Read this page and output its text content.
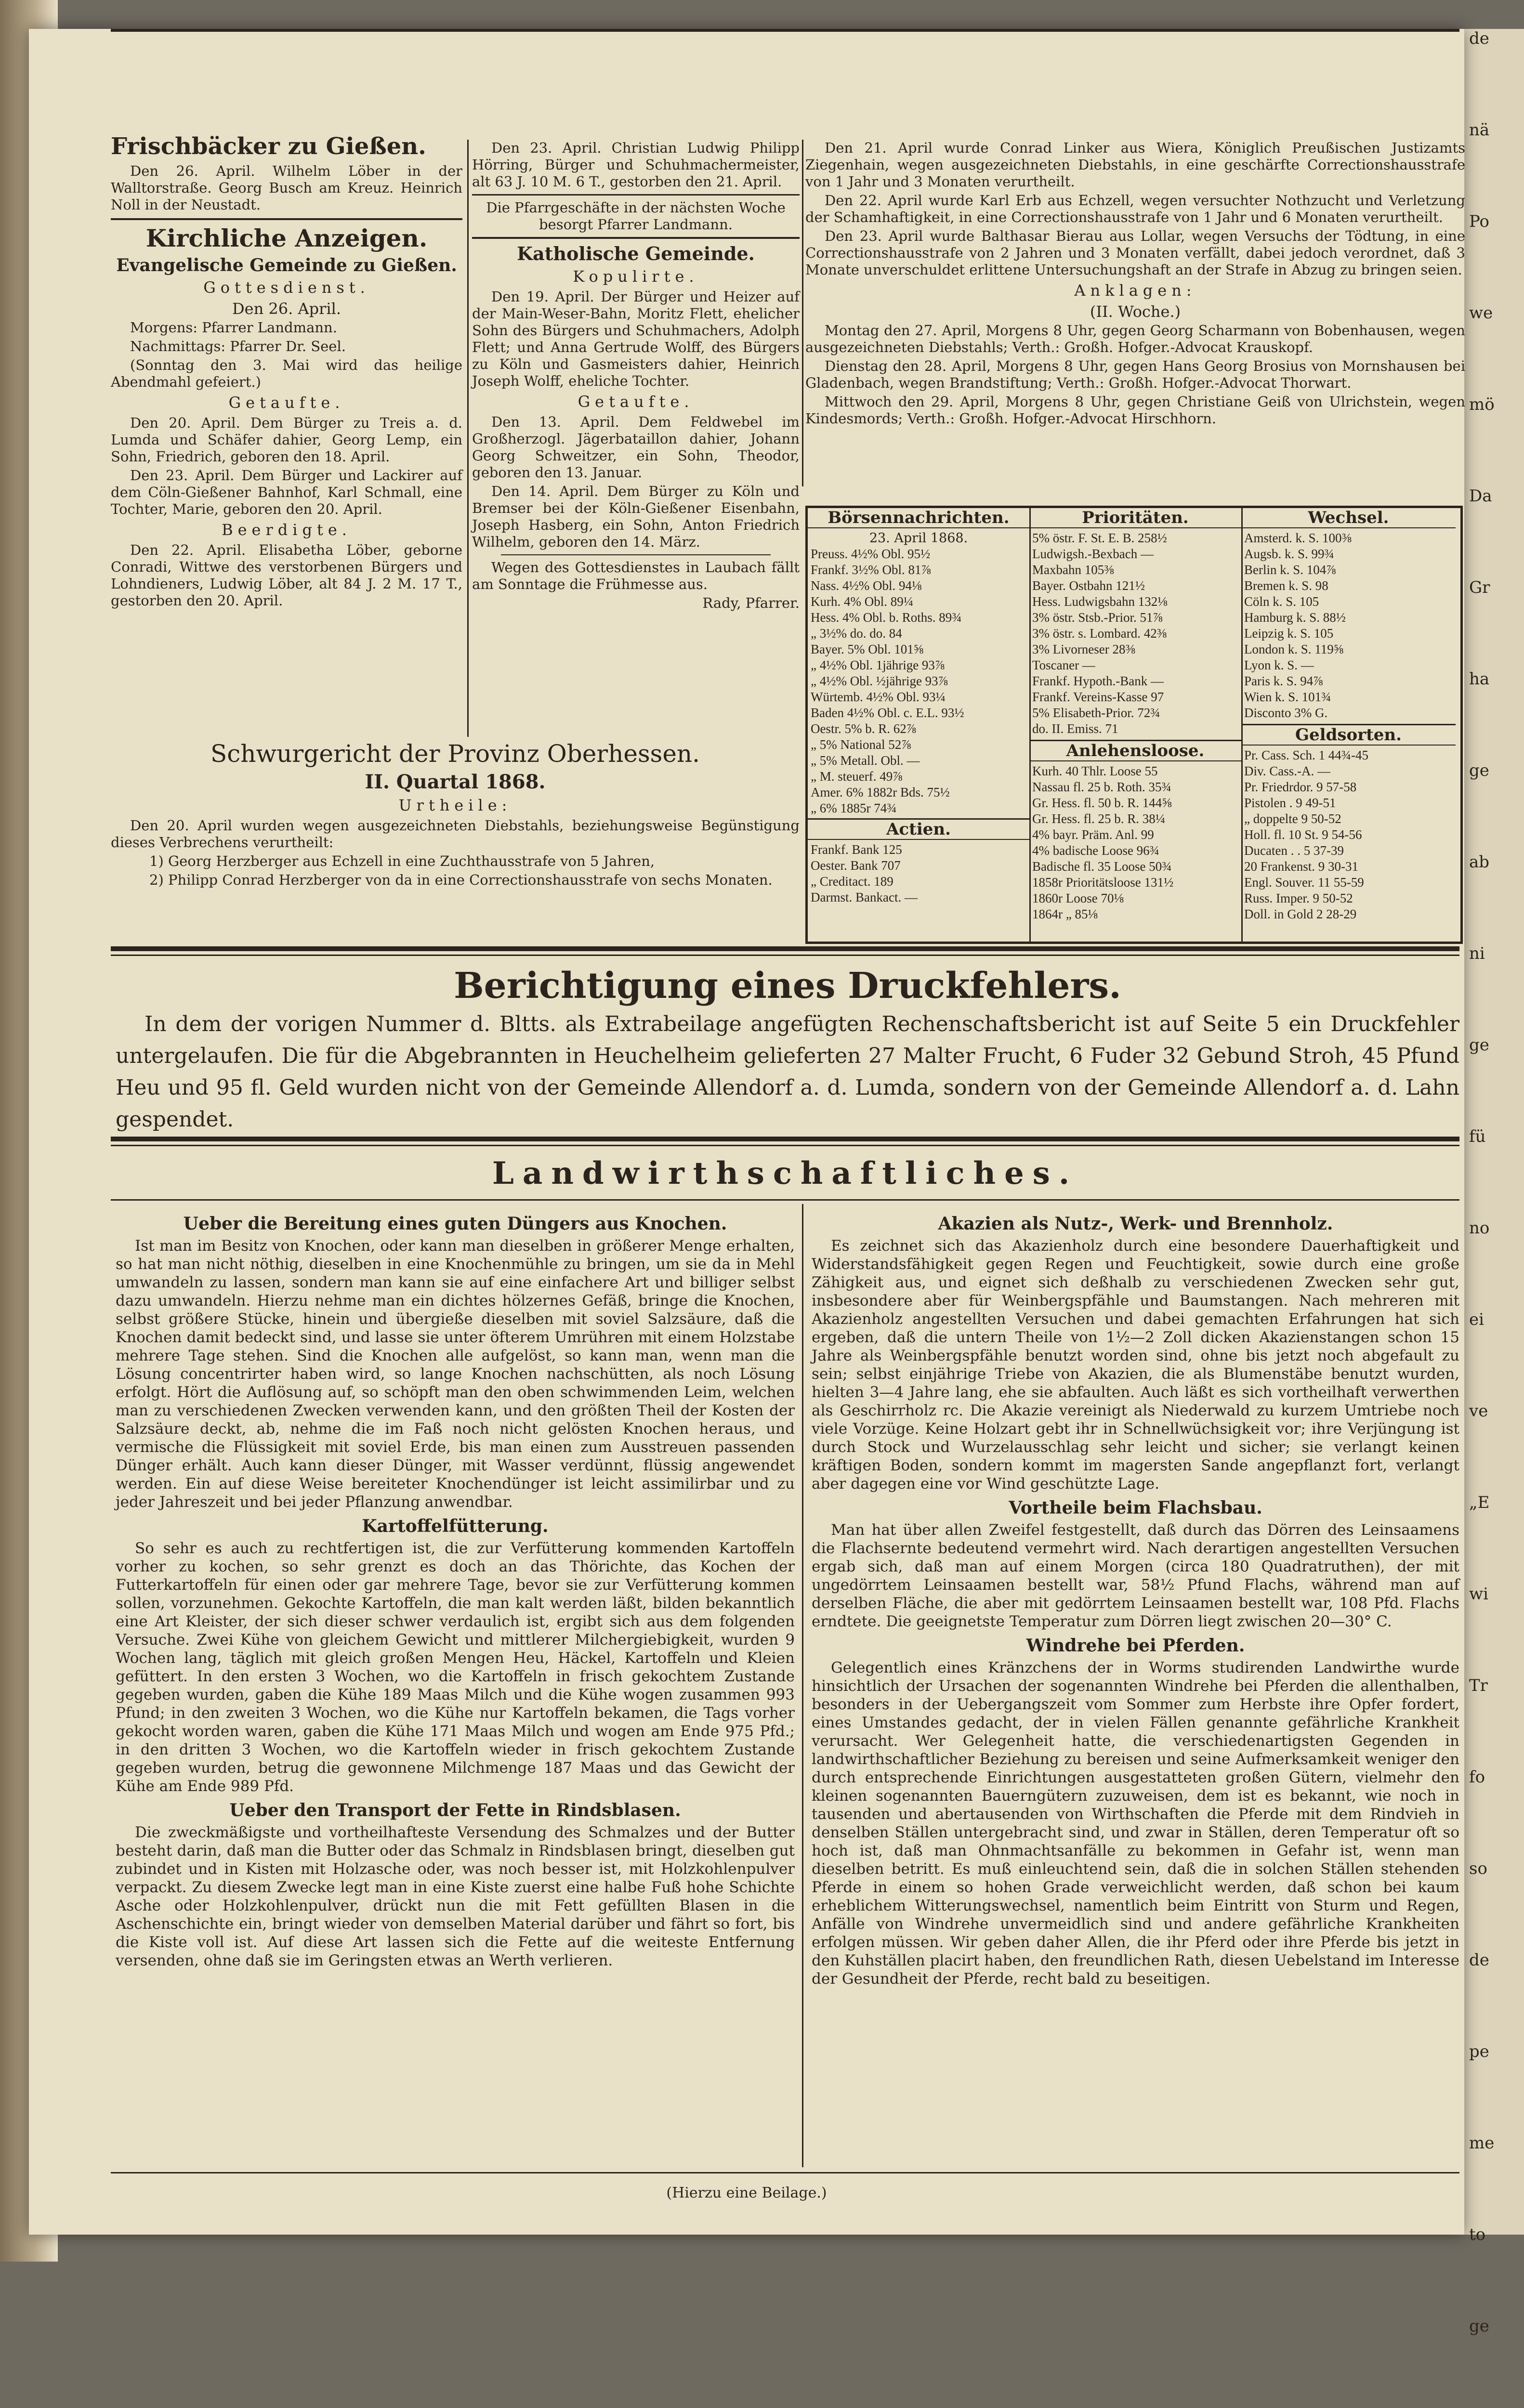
de
nä
Po
we
mö
Da
Gr
ha
ge
ab
ni
ge
fü
no
ei
ve
„E
wi
Tr
fo
so
de
pe
me
to
ge
Frischbäcker zu Gießen.

Den 26. April. Wilhelm Löber in der Walltorstraße. Georg Busch am Kreuz. Heinrich Noll in der Neustadt.

Kirchliche Anzeigen.
Evangelische Gemeinde zu Gießen.
Gottesdienst.
Den 26. April.

Morgens: Pfarrer Landmann.

Nachmittags: Pfarrer Dr. Seel.

(Sonntag den 3. Mai wird das heilige Abendmahl gefeiert.)

Getaufte.

Den 20. April. Dem Bürger zu Treis a. d. Lumda und Schäfer dahier, Georg Lemp, ein Sohn, Friedrich, geboren den 18. April.

Den 23. April. Dem Bürger und Lackirer auf dem Cöln-Gießener Bahnhof, Karl Schmall, eine Tochter, Marie, geboren den 20. April.

Beerdigte.

Den 22. April. Elisabetha Löber, geborne Conradi, Wittwe des verstorbenen Bürgers und Lohndieners, Ludwig Löber, alt 84 J. 2 M. 17 T., gestorben den 20. April.

Den 23. April. Christian Ludwig Philipp Hörring, Bürger und Schuhmachermeister, alt 63 J. 10 M. 6 T., gestorben den 21. April.

Die Pfarrgeschäfte in der nächsten Woche besorgt Pfarrer Landmann.

Katholische Gemeinde.
Kopulirte.

Den 19. April. Der Bürger und Heizer auf der Main-Weser-Bahn, Moritz Flett, ehelicher Sohn des Bürgers und Schuhmachers, Adolph Flett; und Anna Gertrude Wolff, des Bürgers zu Köln und Gasmeisters dahier, Heinrich Joseph Wolff, eheliche Tochter.

Getaufte.

Den 13. April. Dem Feldwebel im Großherzogl. Jägerbataillon dahier, Johann Georg Schweitzer, ein Sohn, Theodor, geboren den 13. Januar.

Den 14. April. Dem Bürger zu Köln und Bremser bei der Köln-Gießener Eisenbahn, Joseph Hasberg, ein Sohn, Anton Friedrich Wilhelm, geboren den 14. März.

Wegen des Gottesdienstes in Laubach fällt am Sonntage die Frühmesse aus.

Rady, Pfarrer.

Den 21. April wurde Conrad Linker aus Wiera, Königlich Preußischen Justizamts Ziegenhain, wegen ausgezeichneten Diebstahls, in eine geschärfte Correctionshausstrafe von 1 Jahr und 3 Monaten verurtheilt.

Den 22. April wurde Karl Erb aus Echzell, wegen versuchter Nothzucht und Verletzung der Schamhaftigkeit, in eine Correctionshausstrafe von 1 Jahr und 6 Monaten verurtheilt.

Den 23. April wurde Balthasar Bierau aus Lollar, wegen Versuchs der Tödtung, in eine Correctionshausstrafe von 2 Jahren und 3 Monaten verfällt, dabei jedoch verordnet, daß 3 Monate unverschuldet erlittene Untersuchungshaft an der Strafe in Abzug zu bringen seien.

Anklagen:
(II. Woche.)

Montag den 27. April, Morgens 8 Uhr, gegen Georg Scharmann von Bobenhausen, wegen ausgezeichneten Diebstahls; Verth.: Großh. Hofger.-Advocat Krauskopf.

Dienstag den 28. April, Morgens 8 Uhr, gegen Hans Georg Brosius von Mornshausen bei Gladenbach, wegen Brandstiftung; Verth.: Großh. Hofger.-Advocat Thorwart.

Mittwoch den 29. April, Morgens 8 Uhr, gegen Christiane Geiß von Ulrichstein, wegen Kindesmords; Verth.: Großh. Hofger.-Advocat Hirschhorn.

Schwurgericht der Provinz Oberhessen.
II. Quartal 1868.
Urtheile:

Den 20. April wurden wegen ausgezeichneten Diebstahls, beziehungsweise Begünstigung dieses Verbrechens verurtheilt:

1) Georg Herzberger aus Echzell in eine Zuchthausstrafe von 5 Jahren,

2) Philipp Conrad Herzberger von da in eine Correctionshausstrafe von sechs Monaten.

Börsennachrichten.
23. April 1868.
Preuss. 4½% Obl. 95½
Frankf. 3½% Obl. 81⅞
Nass. 4½% Obl. 94⅛
Kurh. 4% Obl. 89¼
Hess. 4% Obl. b. Roths. 89¾
„ 3½% do. do. 84
Bayer. 5% Obl. 101⅝
„ 4½% Obl. 1jährige 93⅞
„ 4½% Obl. ½jährige 93⅞
Würtemb. 4½% Obl. 93¼
Baden 4½% Obl. c. E.L. 93½
Oestr. 5% b. R. 62⅞
„ 5% National 52⅞
„ 5% Metall. Obl. —
„ M. steuerf. 49⅞
Amer. 6% 1882r Bds. 75½
„ 6% 1885r 74¾
Actien.
Frankf. Bank 125
Oester. Bank 707
„ Creditact. 189
Darmst. Bankact. —
Prioritäten.
5% östr. F. St. E. B. 258½
Ludwigsh.-Bexbach —
Maxbahn 105⅜
Bayer. Ostbahn 121½
Hess. Ludwigsbahn 132⅛
3% östr. Stsb.-Prior. 51⅞
3% östr. s. Lombard. 42⅜
3% Livorneser 28⅜
Toscaner —
Frankf. Hypoth.-Bank —
Frankf. Vereins-Kasse 97
5% Elisabeth-Prior. 72¾
do. II. Emiss. 71
Anlehensloose.
Kurh. 40 Thlr. Loose 55
Nassau fl. 25 b. Roth. 35¾
Gr. Hess. fl. 50 b. R. 144⅝
Gr. Hess. fl. 25 b. R. 38¼
4% bayr. Präm. Anl. 99
4% badische Loose 96¾
Badische fl. 35 Loose 50¾
1858r Prioritätsloose 131½
1860r Loose 70⅛
1864r „ 85⅛
Wechsel.
Amsterd. k. S. 100⅜
Augsb. k. S. 99¾
Berlin k. S. 104⅞
Bremen k. S. 98
Cöln k. S. 105
Hamburg k. S. 88½
Leipzig k. S. 105
London k. S. 119⅝
Lyon k. S. —
Paris k. S. 94⅞
Wien k. S. 101¾
Disconto 3% G.
Geldsorten.
Pr. Cass. Sch. 1 44¾-45
Div. Cass.-A. —
Pr. Friedrdor. 9 57-58
Pistolen . 9 49-51
„ doppelte 9 50-52
Holl. fl. 10 St. 9 54-56
Ducaten . . 5 37-39
20 Frankenst. 9 30-31
Engl. Souver. 11 55-59
Russ. Imper. 9 50-52
Doll. in Gold 2 28-29
Berichtigung eines Druckfehlers.

In dem der vorigen Nummer d. Bltts. als Extrabeilage angefügten Rechenschaftsbericht ist auf Seite 5 ein Druckfehler untergelaufen. Die für die Abgebrannten in Heuchelheim gelieferten 27 Malter Frucht, 6 Fuder 32 Gebund Stroh, 45 Pfund Heu und 95 fl. Geld wurden nicht von der Gemeinde Allendorf a. d. Lumda, sondern von der Gemeinde Allendorf a. d. Lahn gespendet.

Landwirthschaftliches.
Ueber die Bereitung eines guten Düngers aus Knochen.

Ist man im Besitz von Knochen, oder kann man dieselben in größerer Menge erhalten, so hat man nicht nöthig, dieselben in eine Knochenmühle zu bringen, um sie da in Mehl umwandeln zu lassen, sondern man kann sie auf eine einfachere Art und billiger selbst dazu umwandeln. Hierzu nehme man ein dichtes hölzernes Gefäß, bringe die Knochen, selbst größere Stücke, hinein und übergieße dieselben mit soviel Salzsäure, daß die Knochen damit bedeckt sind, und lasse sie unter öfterem Umrühren mit einem Holzstabe mehrere Tage stehen. Sind die Knochen alle aufgelöst, so kann man, wenn man die Lösung concentrirter haben wird, so lange Knochen nachschütten, als noch Lösung erfolgt. Hört die Auflösung auf, so schöpft man den oben schwimmenden Leim, welchen man zu verschiedenen Zwecken verwenden kann, und den größten Theil der Kosten der Salzsäure deckt, ab, nehme die im Faß noch nicht gelösten Knochen heraus, und vermische die Flüssigkeit mit soviel Erde, bis man einen zum Ausstreuen passenden Dünger erhält. Auch kann dieser Dünger, mit Wasser verdünnt, flüssig angewendet werden. Ein auf diese Weise bereiteter Knochendünger ist leicht assimilirbar und zu jeder Jahreszeit und bei jeder Pflanzung anwendbar.

Kartoffelfütterung.

So sehr es auch zu rechtfertigen ist, die zur Verfütterung kommenden Kartoffeln vorher zu kochen, so sehr grenzt es doch an das Thörichte, das Kochen der Futterkartoffeln für einen oder gar mehrere Tage, bevor sie zur Verfütterung kommen sollen, vorzunehmen. Gekochte Kartoffeln, die man kalt werden läßt, bilden bekanntlich eine Art Kleister, der sich dieser schwer verdaulich ist, ergibt sich aus dem folgenden Versuche. Zwei Kühe von gleichem Gewicht und mittlerer Milchergiebigkeit, wurden 9 Wochen lang, täglich mit gleich großen Mengen Heu, Häckel, Kartoffeln und Kleien gefüttert. In den ersten 3 Wochen, wo die Kartoffeln in frisch gekochtem Zustande gegeben wurden, gaben die Kühe 189 Maas Milch und die Kühe wogen zusammen 993 Pfund; in den zweiten 3 Wochen, wo die Kühe nur Kartoffeln bekamen, die Tags vorher gekocht worden waren, gaben die Kühe 171 Maas Milch und wogen am Ende 975 Pfd.; in den dritten 3 Wochen, wo die Kartoffeln wieder in frisch gekochtem Zustande gegeben wurden, betrug die gewonnene Milchmenge 187 Maas und das Gewicht der Kühe am Ende 989 Pfd.

Ueber den Transport der Fette in Rindsblasen.

Die zweckmäßigste und vortheilhafteste Versendung des Schmalzes und der Butter besteht darin, daß man die Butter oder das Schmalz in Rindsblasen bringt, dieselben gut zubindet und in Kisten mit Holzasche oder, was noch besser ist, mit Holzkohlenpulver verpackt. Zu diesem Zwecke legt man in eine Kiste zuerst eine halbe Fuß hohe Schichte Asche oder Holzkohlenpulver, drückt nun die mit Fett gefüllten Blasen in die Aschenschichte ein, bringt wieder von demselben Material darüber und fährt so fort, bis die Kiste voll ist. Auf diese Art lassen sich die Fette auf die weiteste Entfernung versenden, ohne daß sie im Geringsten etwas an Werth verlieren.

Akazien als Nutz-, Werk- und Brennholz.

Es zeichnet sich das Akazienholz durch eine besondere Dauerhaftigkeit und Widerstandsfähigkeit gegen Regen und Feuchtigkeit, sowie durch eine große Zähigkeit aus, und eignet sich deßhalb zu verschiedenen Zwecken sehr gut, insbesondere aber für Weinbergspfähle und Baumstangen. Nach mehreren mit Akazienholz angestellten Versuchen und dabei gemachten Erfahrungen hat sich ergeben, daß die untern Theile von 1½—2 Zoll dicken Akazienstangen schon 15 Jahre als Weinbergspfähle benutzt worden sind, ohne bis jetzt noch abgefault zu sein; selbst einjährige Triebe von Akazien, die als Blumenstäbe benutzt wurden, hielten 3—4 Jahre lang, ehe sie abfaulten. Auch läßt es sich vortheilhaft verwerthen als Geschirrholz rc. Die Akazie vereinigt als Niederwald zu kurzem Umtriebe noch viele Vorzüge. Keine Holzart gebt ihr in Schnellwüchsigkeit vor; ihre Verjüngung ist durch Stock und Wurzelausschlag sehr leicht und sicher; sie verlangt keinen kräftigen Boden, sondern kommt im magersten Sande angepflanzt fort, verlangt aber dagegen eine vor Wind geschützte Lage.

Vortheile beim Flachsbau.

Man hat über allen Zweifel festgestellt, daß durch das Dörren des Leinsaamens die Flachsernte bedeutend vermehrt wird. Nach derartigen angestellten Versuchen ergab sich, daß man auf einem Morgen (circa 180 Quadratruthen), der mit ungedörrtem Leinsaamen bestellt war, 58½ Pfund Flachs, während man auf derselben Fläche, die aber mit gedörrtem Leinsaamen bestellt war, 108 Pfd. Flachs erndtete. Die geeignetste Temperatur zum Dörren liegt zwischen 20—30° C.

Windrehe bei Pferden.

Gelegentlich eines Kränzchens der in Worms studirenden Landwirthe wurde hinsichtlich der Ursachen der sogenannten Windrehe bei Pferden die allenthalben, besonders in der Uebergangszeit vom Sommer zum Herbste ihre Opfer fordert, eines Umstandes gedacht, der in vielen Fällen genannte gefährliche Krankheit verursacht. Wer Gelegenheit hatte, die verschiedenartigsten Gegenden in landwirthschaftlicher Beziehung zu bereisen und seine Aufmerksamkeit weniger den durch entsprechende Einrichtungen ausgestatteten großen Gütern, vielmehr den kleinen sogenannten Bauerngütern zuzuweisen, dem ist es bekannt, wie noch in tausenden und abertausenden von Wirthschaften die Pferde mit dem Rindvieh in denselben Ställen untergebracht sind, und zwar in Ställen, deren Temperatur oft so hoch ist, daß man Ohnmachtsanfälle zu bekommen in Gefahr ist, wenn man dieselben betritt. Es muß einleuchtend sein, daß die in solchen Ställen stehenden Pferde in einem so hohen Grade verweichlicht werden, daß schon bei kaum erheblichem Witterungswechsel, namentlich beim Eintritt von Sturm und Regen, Anfälle von Windrehe unvermeidlich sind und andere gefährliche Krankheiten erfolgen müssen. Wir geben daher Allen, die ihr Pferd oder ihre Pferde bis jetzt in den Kuhställen placirt haben, den freundlichen Rath, diesen Uebelstand im Interesse der Gesundheit der Pferde, recht bald zu beseitigen.

(Hierzu eine Beilage.)
